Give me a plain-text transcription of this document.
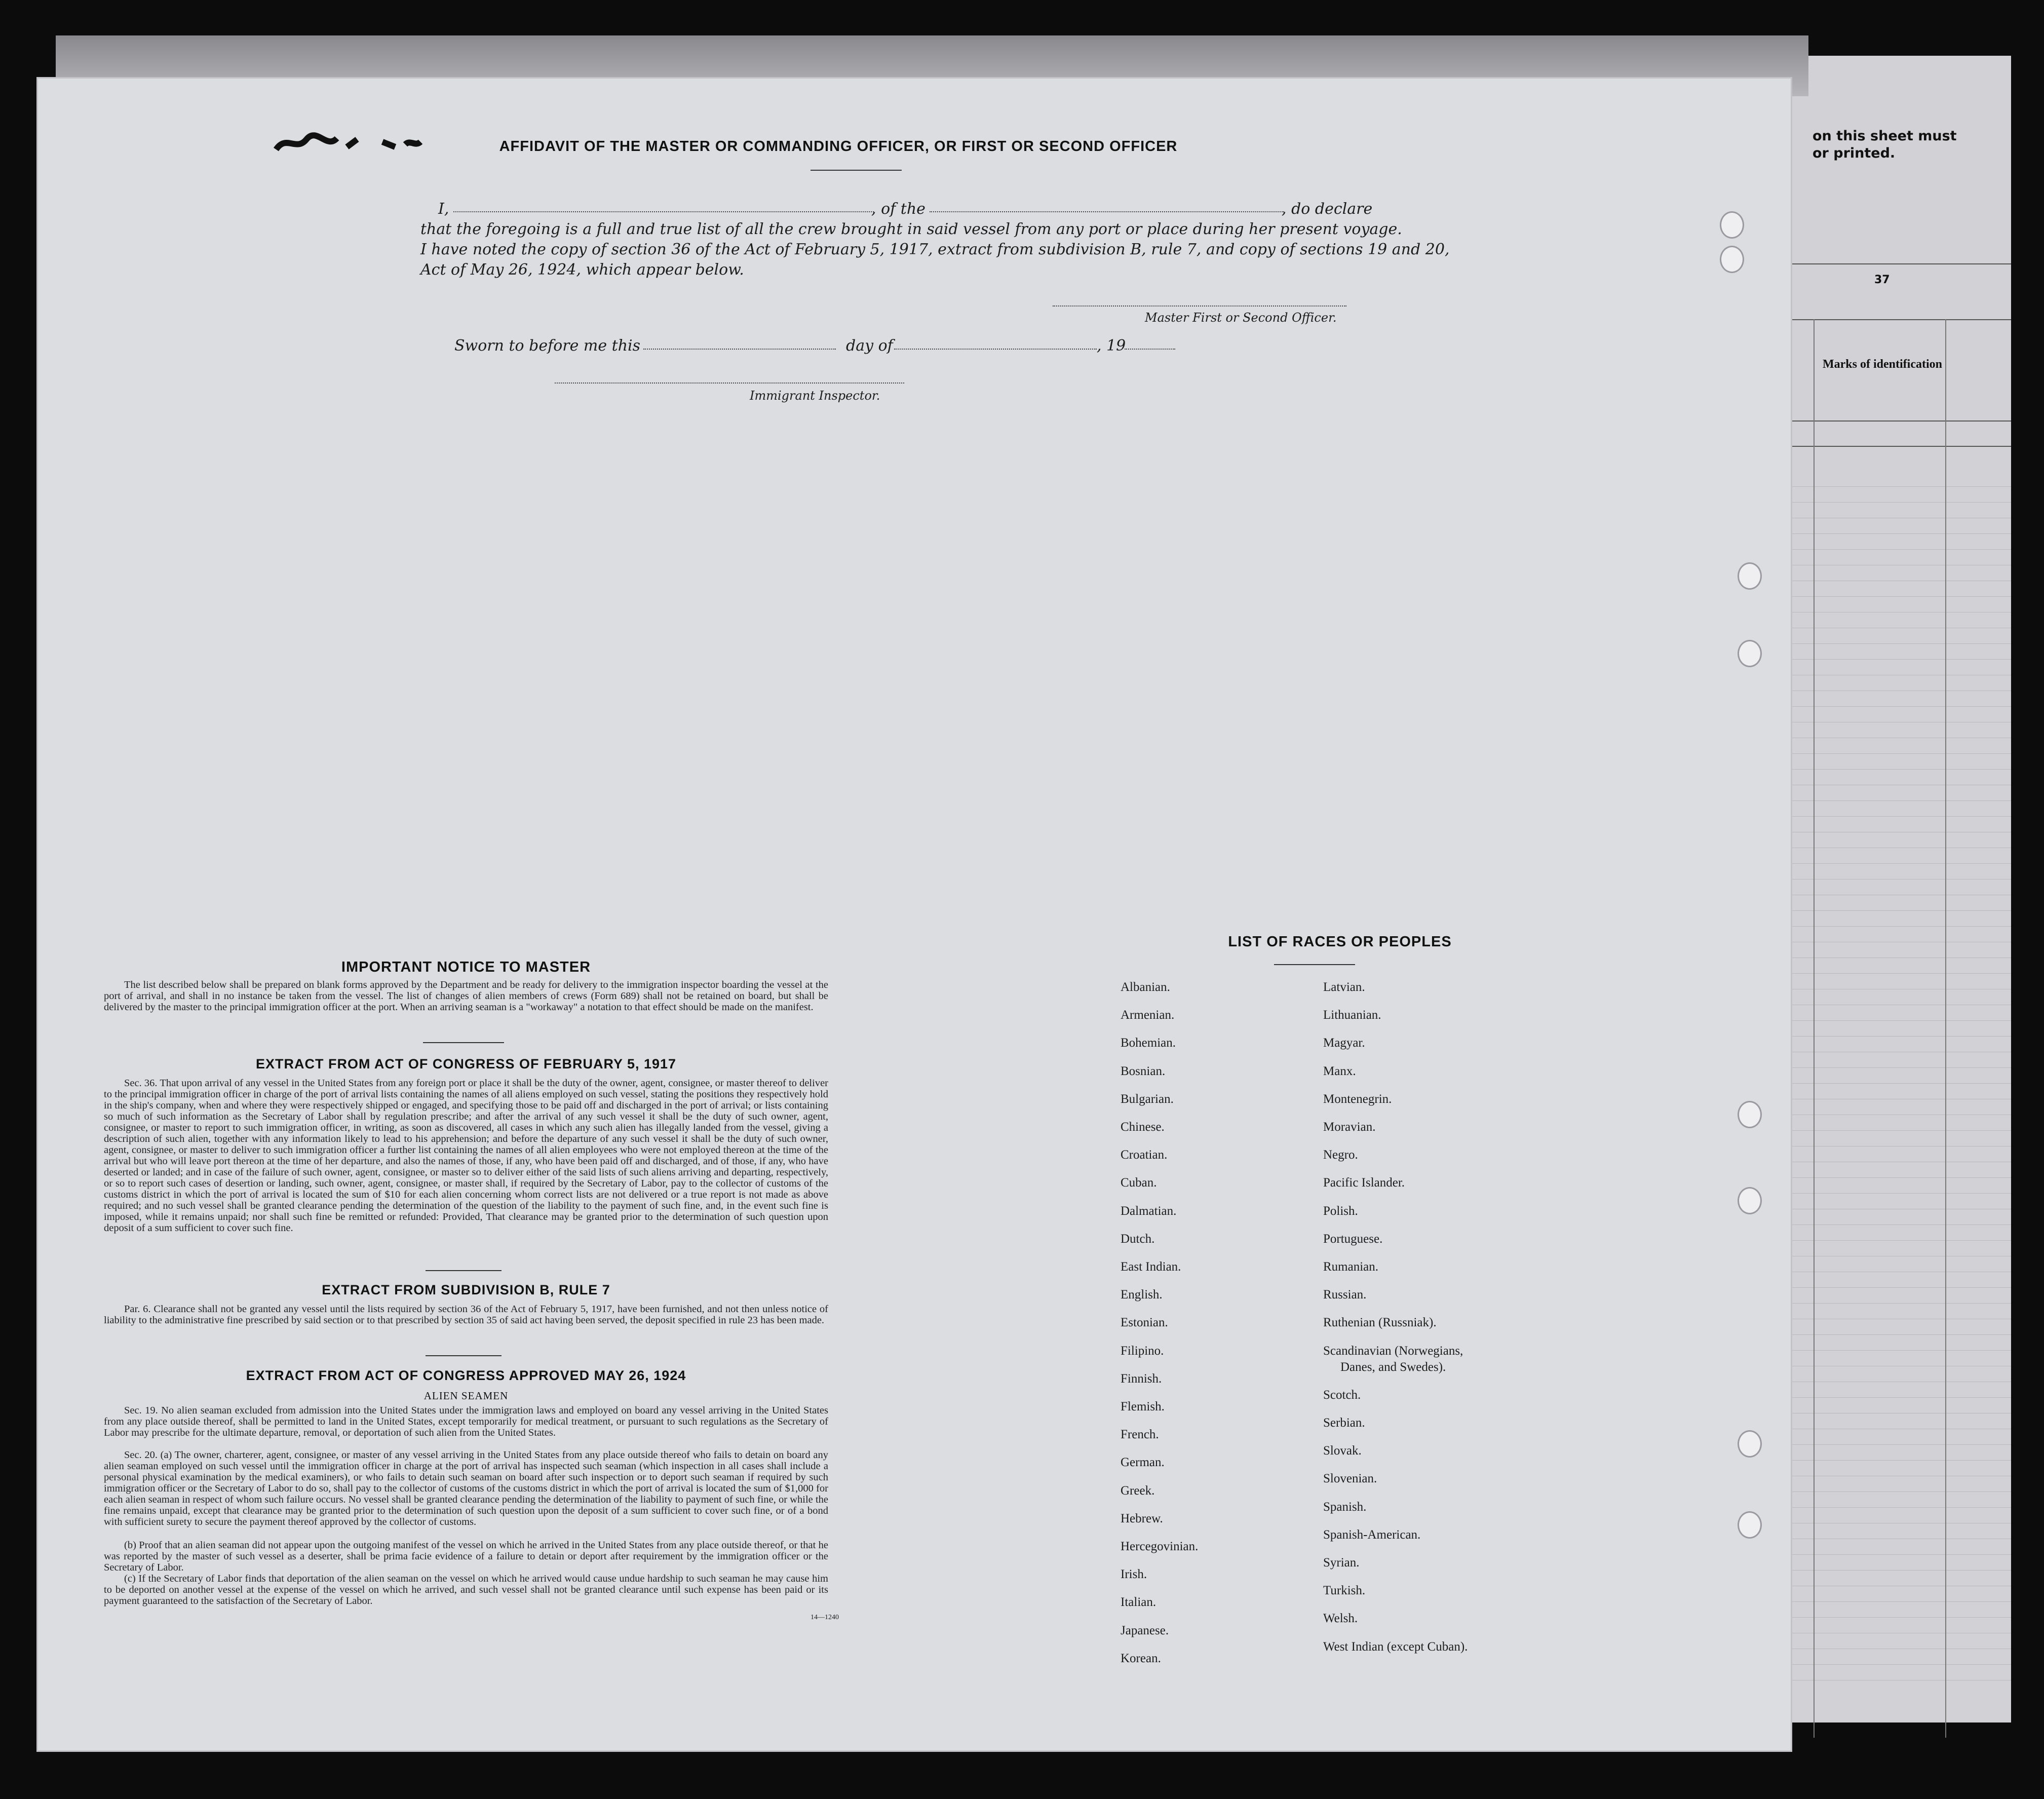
on this sheet must
or printed.
37
Marks of identification
AFFIDAVIT OF THE MASTER OR COMMANDING OFFICER, OR FIRST OR SECOND OFFICER
I,	, of the	, do declare
that the foregoing is a full and true list of all the crew brought in said vessel from any port or place during her present voyage.
I have noted the copy of section 36 of the Act of February 5, 1917, extract from subdivision B, rule 7, and copy of sections 19 and 20,
Act of May 26, 1924, which appear below.
Master First or Second Officer.
Sworn to before me this	day of	, 19
Immigrant Inspector.
IMPORTANT NOTICE TO MASTER
The list described below shall be prepared on blank forms approved by the Department and be ready for delivery to the immigration inspector boarding the vessel at the port of arrival, and shall in no instance be taken from the vessel. The list of changes of alien members of crews (Form 689) shall not be retained on board, but shall be delivered by the master to the principal immigration officer at the port. When an arriving seaman is a "workaway" a notation to that effect should be made on the manifest.
EXTRACT FROM ACT OF CONGRESS OF FEBRUARY 5, 1917
Sec. 36. That upon arrival of any vessel in the United States from any foreign port or place it shall be the duty of the owner, agent, consignee, or master thereof to deliver to the principal immigration officer in charge of the port of arrival lists containing the names of all aliens employed on such vessel, stating the positions they respectively hold in the ship's company, when and where they were respectively shipped or engaged, and specifying those to be paid off and discharged in the port of arrival; or lists containing so much of such information as the Secretary of Labor shall by regulation prescribe; and after the arrival of any such vessel it shall be the duty of such owner, agent, consignee, or master to report to such immigration officer, in writing, as soon as discovered, all cases in which any such alien has illegally landed from the vessel, giving a description of such alien, together with any information likely to lead to his apprehension; and before the departure of any such vessel it shall be the duty of such owner, agent, consignee, or master to deliver to such immigration officer a further list containing the names of all alien employees who were not employed thereon at the time of the arrival but who will leave port thereon at the time of her departure, and also the names of those, if any, who have been paid off and discharged, and of those, if any, who have deserted or landed; and in case of the failure of such owner, agent, consignee, or master so to deliver either of the said lists of such aliens arriving and departing, respectively, or so to report such cases of desertion or landing, such owner, agent, consignee, or master shall, if required by the Secretary of Labor, pay to the collector of customs of the customs district in which the port of arrival is located the sum of $10 for each alien concerning whom correct lists are not delivered or a true report is not made as above required; and no such vessel shall be granted clearance pending the determination of the question of the liability to the payment of such fine, and, in the event such fine is imposed, while it remains unpaid; nor shall such fine be remitted or refunded: Provided, That clearance may be granted prior to the determination of such question upon deposit of a sum sufficient to cover such fine.
EXTRACT FROM SUBDIVISION B, RULE 7
Par. 6. Clearance shall not be granted any vessel until the lists required by section 36 of the Act of February 5, 1917, have been furnished, and not then unless notice of liability to the administrative fine prescribed by said section or to that prescribed by section 35 of said act having been served, the deposit specified in rule 23 has been made.
EXTRACT FROM ACT OF CONGRESS APPROVED MAY 26, 1924
ALIEN SEAMEN
Sec. 19. No alien seaman excluded from admission into the United States under the immigration laws and employed on board any vessel arriving in the United States from any place outside thereof, shall be permitted to land in the United States, except temporarily for medical treatment, or pursuant to such regulations as the Secretary of Labor may prescribe for the ultimate departure, removal, or deportation of such alien from the United States.
Sec. 20. (a) The owner, charterer, agent, consignee, or master of any vessel arriving in the United States from any place outside thereof who fails to detain on board any alien seaman employed on such vessel until the immigration officer in charge at the port of arrival has inspected such seaman (which inspection in all cases shall include a personal physical examination by the medical examiners), or who fails to detain such seaman on board after such inspection or to deport such seaman if required by such immigration officer or the Secretary of Labor to do so, shall pay to the collector of customs of the customs district in which the port of arrival is located the sum of $1,000 for each alien seaman in respect of whom such failure occurs. No vessel shall be granted clearance pending the determination of the liability to payment of such fine, or while the fine remains unpaid, except that clearance may be granted prior to the determination of such question upon the deposit of a sum sufficient to cover such fine, or of a bond with sufficient surety to secure the payment thereof approved by the collector of customs.
(b) Proof that an alien seaman did not appear upon the outgoing manifest of the vessel on which he arrived in the United States from any place outside thereof, or that he was reported by the master of such vessel as a deserter, shall be prima facie evidence of a failure to detain or deport after requirement by the immigration officer or the Secretary of Labor.
(c) If the Secretary of Labor finds that deportation of the alien seaman on the vessel on which he arrived would cause undue hardship to such seaman he may cause him to be deported on another vessel at the expense of the vessel on which he arrived, and such vessel shall not be granted clearance until such expense has been paid or its payment guaranteed to the satisfaction of the Secretary of Labor.
14—1240
LIST OF RACES OR PEOPLES
Albanian.
Armenian.
Bohemian.
Bosnian.
Bulgarian.
Chinese.
Croatian.
Cuban.
Dalmatian.
Dutch.
East Indian.
English.
Estonian.
Filipino.
Finnish.
Flemish.
French.
German.
Greek.
Hebrew.
Hercegovinian.
Irish.
Italian.
Japanese.
Korean.
Latvian.
Lithuanian.
Magyar.
Manx.
Montenegrin.
Moravian.
Negro.
Pacific Islander.
Polish.
Portuguese.
Rumanian.
Russian.
Ruthenian (Russniak).
Scandinavian (Norwegians,
Danes, and Swedes).
Scotch.
Serbian.
Slovak.
Slovenian.
Spanish.
Spanish-American.
Syrian.
Turkish.
Welsh.
West Indian (except Cuban).
